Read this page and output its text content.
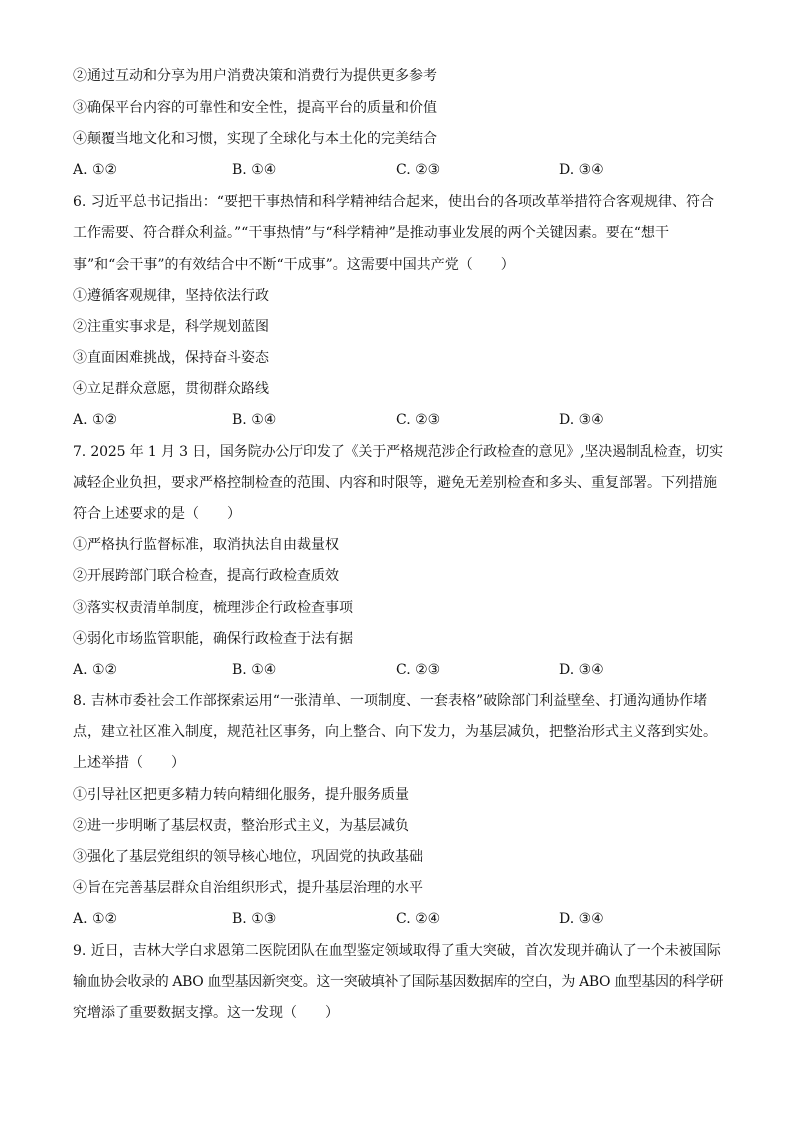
②通过互动和分享为用户消费决策和消费行为提供更多参考
③确保平台内容的可靠性和安全性，提高平台的质量和价值
④颠覆当地文化和习惯，实现了全球化与本土化的完美结合
A. ①②	B. ①④	C. ②③	D. ③④
6. 习近平总书记指出：“要把干事热情和科学精神结合起来，使出台的各项改革举措符合客观规律、符合
工作需要、符合群众利益。”“干事热情”与“科学精神”是推动事业发展的两个关键因素。要在“想干
事”和“会干事”的有效结合中不断“干成事”。这需要中国共产党（　　）
①遵循客观规律，坚持依法行政
②注重实事求是，科学规划蓝图
③直面困难挑战，保持奋斗姿态
④立足群众意愿，贯彻群众路线
A. ①②	B. ①④	C. ②③	D. ③④
7. 2025 年 1 月 3 日，国务院办公厅印发了《关于严格规范涉企行政检查的意见》,坚决遏制乱检查，切实
减轻企业负担，要求严格控制检查的范围、内容和时限等，避免无差别检查和多头、重复部署。下列措施
符合上述要求的是（　　）
①严格执行监督标准，取消执法自由裁量权
②开展跨部门联合检查，提高行政检查质效
③落实权责清单制度，梳理涉企行政检查事项
④弱化市场监管职能，确保行政检查于法有据
A. ①②	B. ①④	C. ②③	D. ③④
8. 吉林市委社会工作部探索运用“一张清单、一项制度、一套表格”破除部门利益壁垒、打通沟通协作堵
点，建立社区准入制度，规范社区事务，向上整合、向下发力，为基层减负，把整治形式主义落到实处。
上述举措（　　）
①引导社区把更多精力转向精细化服务，提升服务质量
②进一步明晰了基层权责，整治形式主义，为基层减负
③强化了基层党组织的领导核心地位，巩固党的执政基础
④旨在完善基层群众自治组织形式，提升基层治理的水平
A. ①②	B. ①③	C. ②④	D. ③④
9. 近日，吉林大学白求恩第二医院团队在血型鉴定领域取得了重大突破，首次发现并确认了一个未被国际
输血协会收录的 ABO 血型基因新突变。这一突破填补了国际基因数据库的空白，为 ABO 血型基因的科学研
究增添了重要数据支撑。这一发现（　　）
